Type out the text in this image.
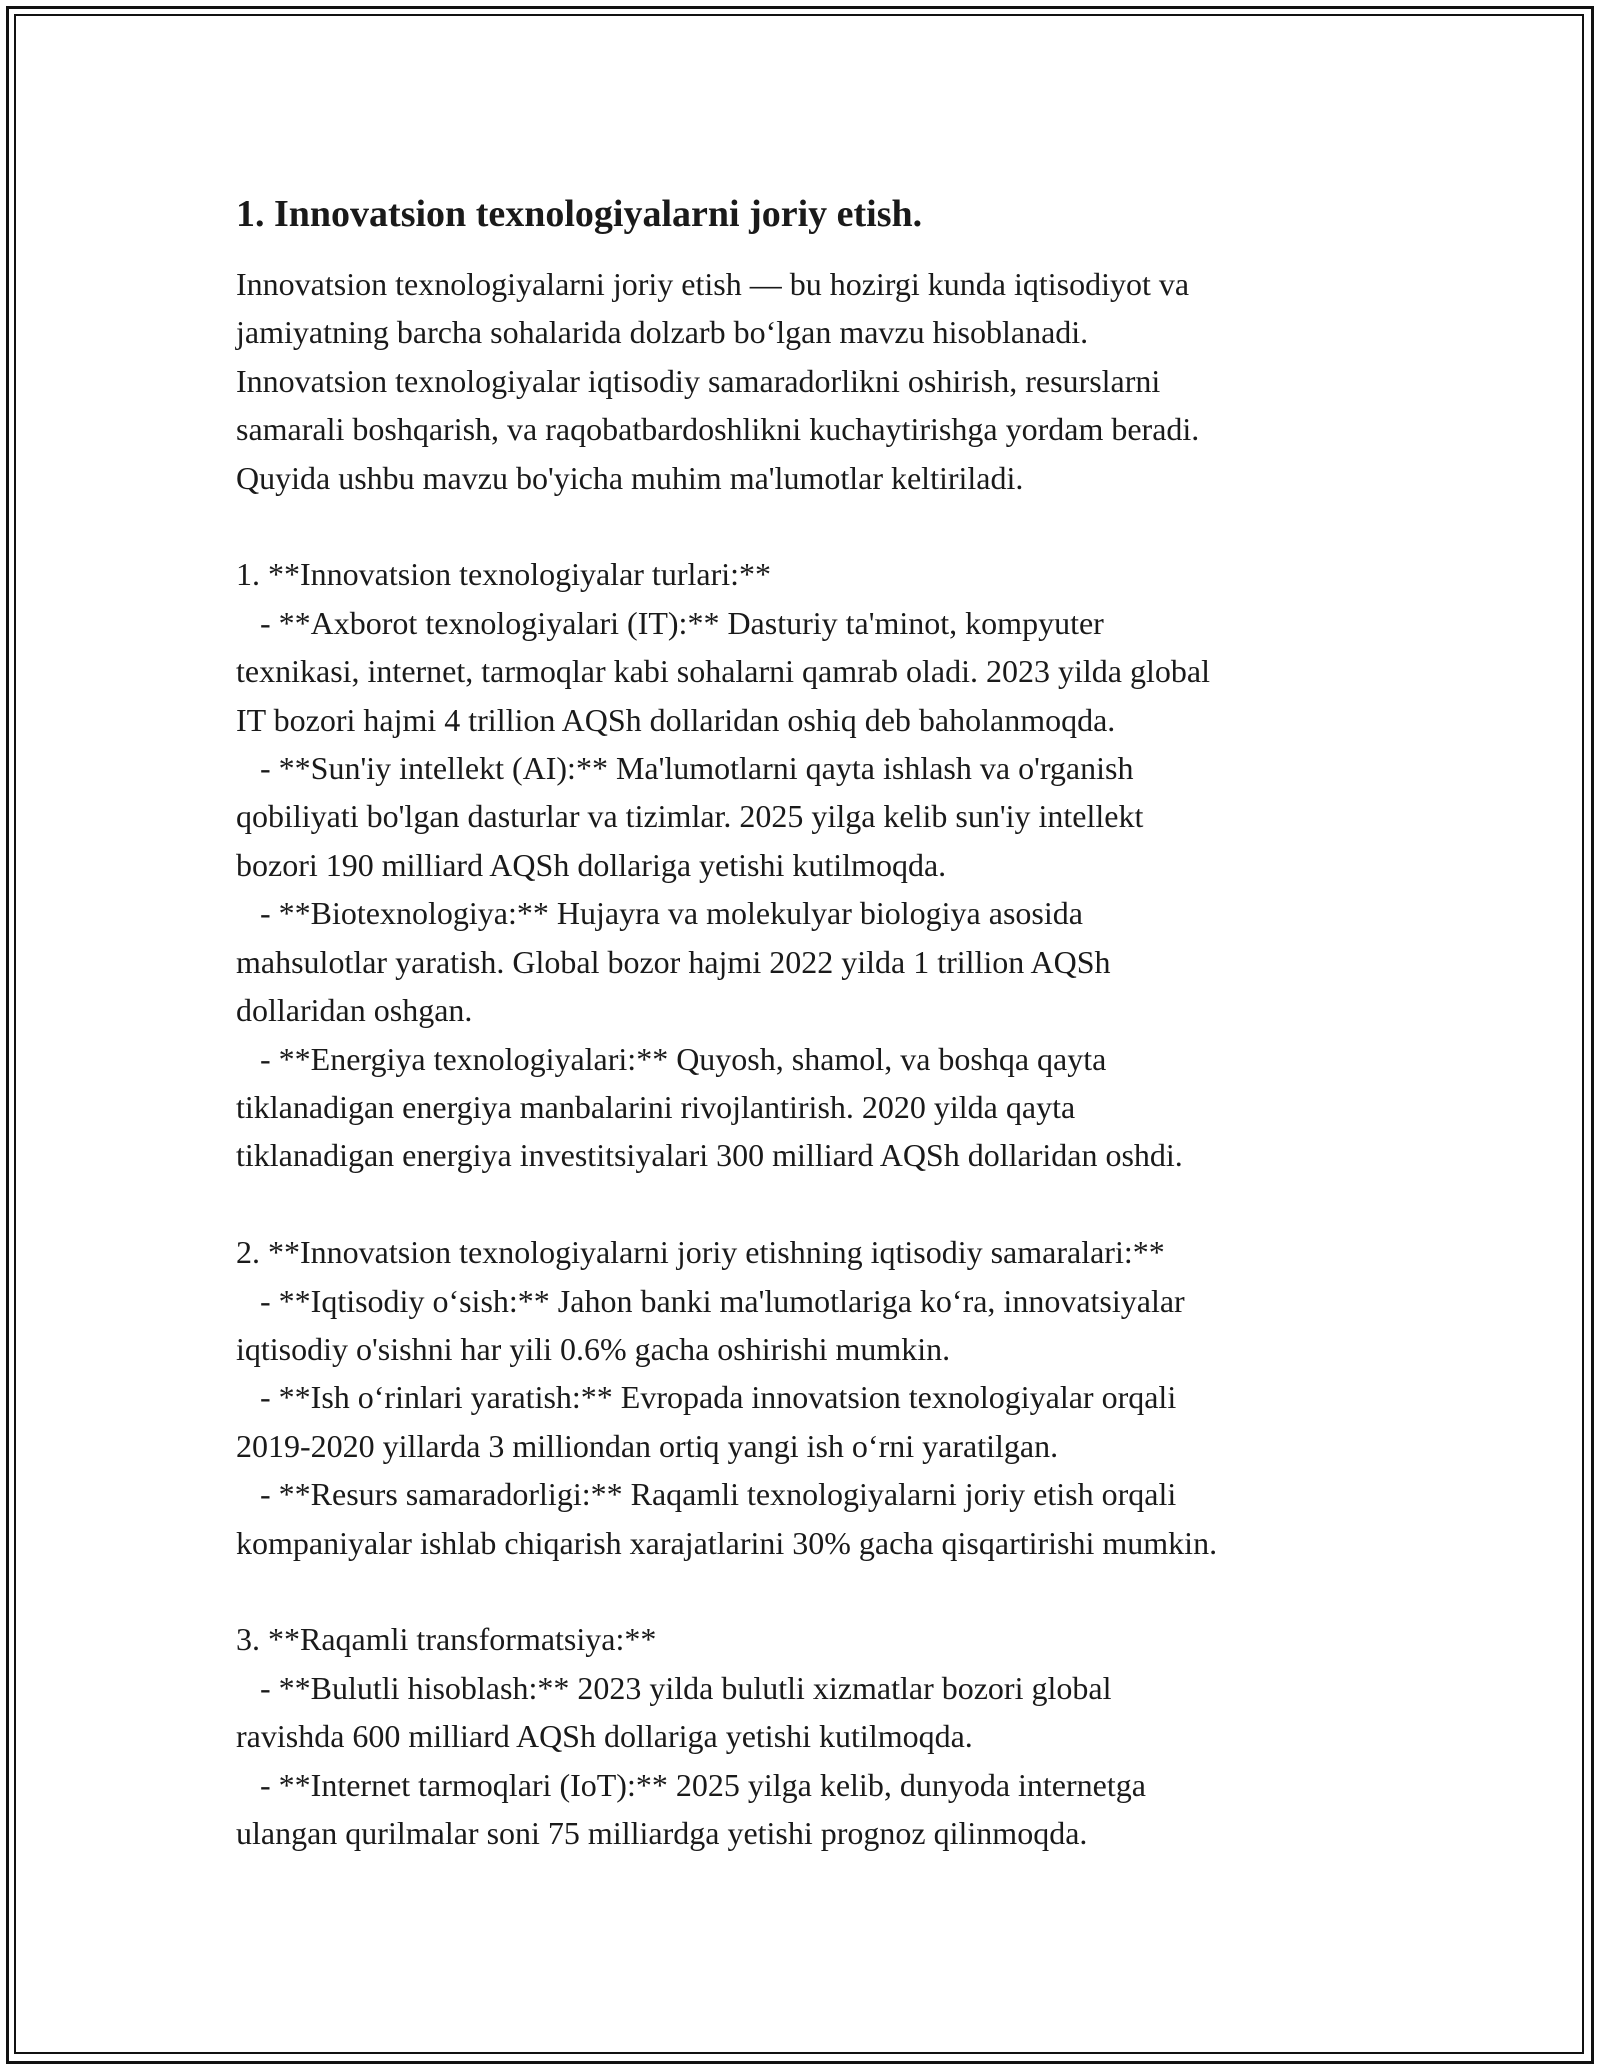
1. Innovatsion texnologiyalarni joriy etish.

Innovatsion texnologiyalarni joriy etish — bu hozirgi kunda iqtisodiyot va
jamiyatning barcha sohalarida dolzarb bo‘lgan mavzu hisoblanadi.
Innovatsion texnologiyalar iqtisodiy samaradorlikni oshirish, resurslarni
samarali boshqarish, va raqobatbardoshlikni kuchaytirishga yordam beradi.
Quyida ushbu mavzu bo'yicha muhim ma'lumotlar keltiriladi.

1. **Innovatsion texnologiyalar turlari:**
- **Axborot texnologiyalari (IT):** Dasturiy ta'minot, kompyuter
texnikasi, internet, tarmoqlar kabi sohalarni qamrab oladi. 2023 yilda global
IT bozori hajmi 4 trillion AQSh dollaridan oshiq deb baholanmoqda.
- **Sun'iy intellekt (AI):** Ma'lumotlarni qayta ishlash va o'rganish
qobiliyati bo'lgan dasturlar va tizimlar. 2025 yilga kelib sun'iy intellekt
bozori 190 milliard AQSh dollariga yetishi kutilmoqda.
- **Biotexnologiya:** Hujayra va molekulyar biologiya asosida
mahsulotlar yaratish. Global bozor hajmi 2022 yilda 1 trillion AQSh
dollaridan oshgan.
- **Energiya texnologiyalari:** Quyosh, shamol, va boshqa qayta
tiklanadigan energiya manbalarini rivojlantirish. 2020 yilda qayta
tiklanadigan energiya investitsiyalari 300 milliard AQSh dollaridan oshdi.

2. **Innovatsion texnologiyalarni joriy etishning iqtisodiy samaralari:**
- **Iqtisodiy o‘sish:** Jahon banki ma'lumotlariga ko‘ra, innovatsiyalar
iqtisodiy o'sishni har yili 0.6% gacha oshirishi mumkin.
- **Ish o‘rinlari yaratish:** Evropada innovatsion texnologiyalar orqali
2019-2020 yillarda 3 milliondan ortiq yangi ish o‘rni yaratilgan.
- **Resurs samaradorligi:** Raqamli texnologiyalarni joriy etish orqali
kompaniyalar ishlab chiqarish xarajatlarini 30% gacha qisqartirishi mumkin.

3. **Raqamli transformatsiya:**
- **Bulutli hisoblash:** 2023 yilda bulutli xizmatlar bozori global
ravishda 600 milliard AQSh dollariga yetishi kutilmoqda.
- **Internet tarmoqlari (IoT):** 2025 yilga kelib, dunyoda internetga
ulangan qurilmalar soni 75 milliardga yetishi prognoz qilinmoqda.
